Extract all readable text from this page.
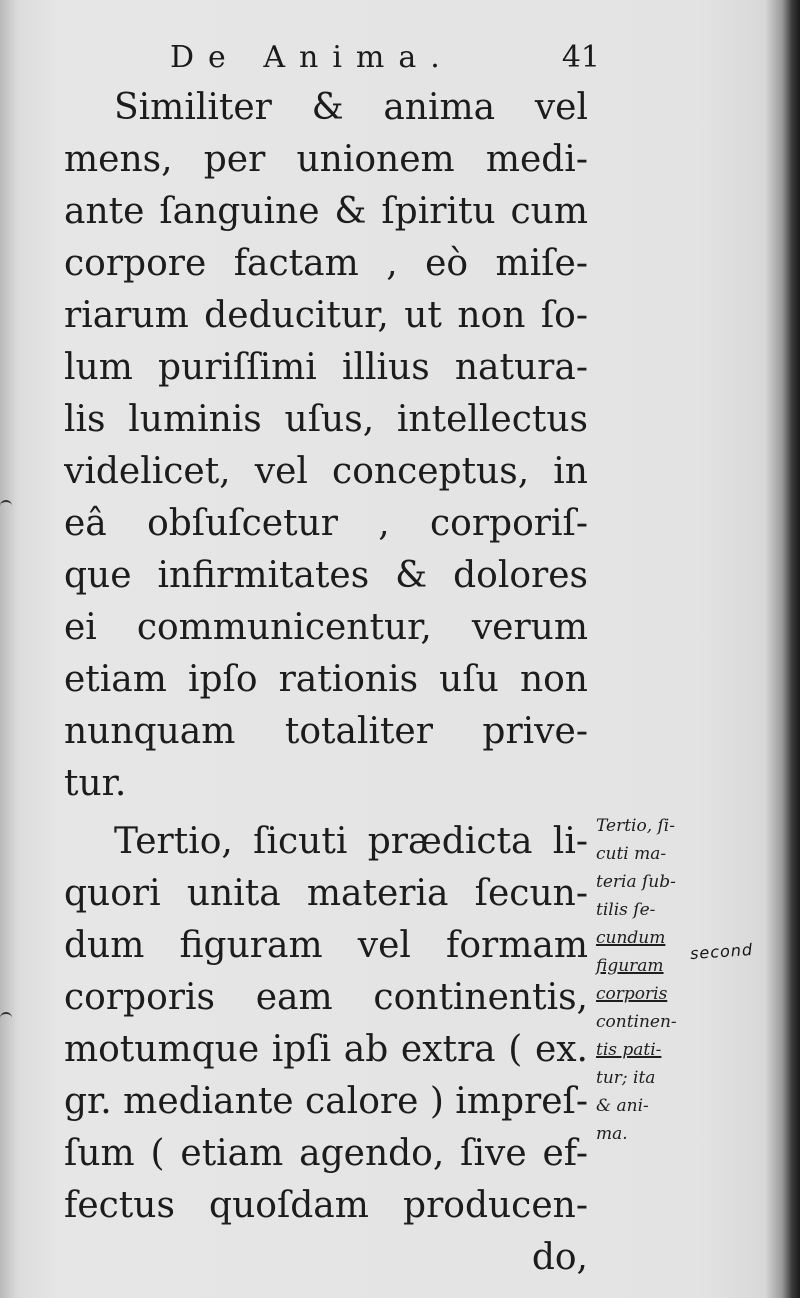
De Anima.	41
Similiter & anima vel
mens, per unionem medi-
ante ſanguine & ſpiritu cum
corpore factam , eò miſe-
riarum deducitur, ut non ſo-
lum puriſſimi illius natura-
lis luminis uſus, intellectus
videlicet, vel conceptus, in
eâ obſuſcetur , corporiſ-
que infirmitates & dolores
ei communicentur, verum
etiam ipſo rationis uſu non
nunquam totaliter prive-
tur.
Tertio, ſicuti prædicta li-
quori unita materia ſecun-
dum figuram vel formam
corporis eam continentis,
motumque ipſi ab extra ( ex.
gr. mediante calore ) impreſ-
ſum ( etiam agendo, ſive ef-
fectus quoſdam producen-
do,
Tertio, ſi-
cuti ma-
teria ſub-
tilis ſe-
cundum
figuram
corporis
continen-
tis pati-
tur; ita
& ani-
ma.
second
